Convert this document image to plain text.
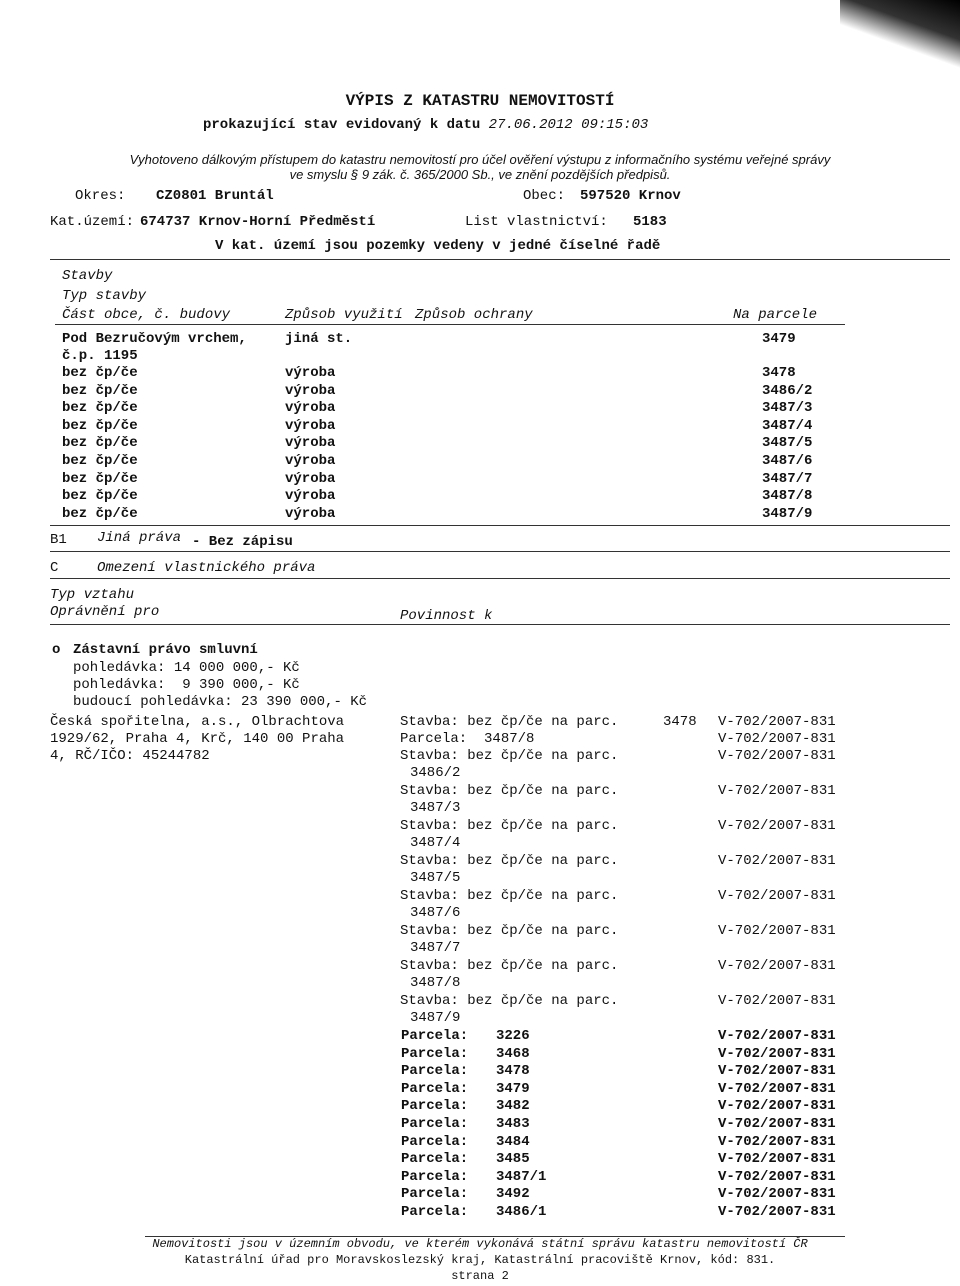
VÝPIS Z KATASTRU NEMOVITOSTÍ
prokazující stav evidovaný k datu 27.06.2012 09:15:03
Vyhotoveno dálkovým přístupem do katastru nemovitostí pro účel ověření výstupu z informačního systému veřejné správy
ve smyslu § 9 zák. č. 365/2000 Sb., ve znění pozdějších předpisů.
Okres: CZ0801 Bruntál	Obec: 597520 Krnov
Kat.území: 674737 Krnov-Horní Předměstí	List vlastnictví: 5183
V kat. území jsou pozemky vedeny v jedné číselné řadě
Stavby
Typ stavby
Část obce, č. budovy	Způsob využití Způsob ochrany	Na parcele
Pod Bezručovým vrchem,	jiná st.	3479
č.p. 1195
bez čp/če	výroba	3478
bez čp/če	výroba	3486/2
bez čp/če	výroba	3487/3
bez čp/če	výroba	3487/4
bez čp/če	výroba	3487/5
bez čp/če	výroba	3487/6
bez čp/če	výroba	3487/7
bez čp/če	výroba	3487/8
bez čp/če	výroba	3487/9
B1 Jiná práva - Bez zápisu
C	Omezení vlastnického práva
Typ vztahu
Oprávnění pro	Povinnost k
o Zástavní právo smluvní
pohledávka: 14 000 000,- Kč
pohledávka:  9 390 000,- Kč
budoucí pohledávka: 23 390 000,- Kč
Česká spořitelna, a.s., Olbrachtova
1929/62, Praha 4, Krč, 140 00 Praha
4, RČ/IČO: 45244782
Stavba: bez čp/če na parc.	3478 V-702/2007-831
Parcela:  3487/8	V-702/2007-831
Stavba: bez čp/če na parc.	V-702/2007-831
3486/2
Stavba: bez čp/če na parc.	V-702/2007-831
3487/3
Stavba: bez čp/če na parc.	V-702/2007-831
3487/4
Stavba: bez čp/če na parc.	V-702/2007-831
3487/5
Stavba: bez čp/če na parc.	V-702/2007-831
3487/6
Stavba: bez čp/če na parc.	V-702/2007-831
3487/7
Stavba: bez čp/če na parc.	V-702/2007-831
3487/8
Stavba: bez čp/če na parc.	V-702/2007-831
3487/9
Parcela: 3226	V-702/2007-831
Parcela: 3468	V-702/2007-831
Parcela: 3478	V-702/2007-831
Parcela: 3479	V-702/2007-831
Parcela: 3482	V-702/2007-831
Parcela: 3483	V-702/2007-831
Parcela: 3484	V-702/2007-831
Parcela: 3485	V-702/2007-831
Parcela: 3487/1	V-702/2007-831
Parcela: 3492	V-702/2007-831
Parcela: 3486/1	V-702/2007-831
Nemovitosti jsou v územním obvodu, ve kterém vykonává státní správu katastru nemovitostí ČR
Katastrální úřad pro Moravskoslezský kraj, Katastrální pracoviště Krnov, kód: 831.
strana 2
